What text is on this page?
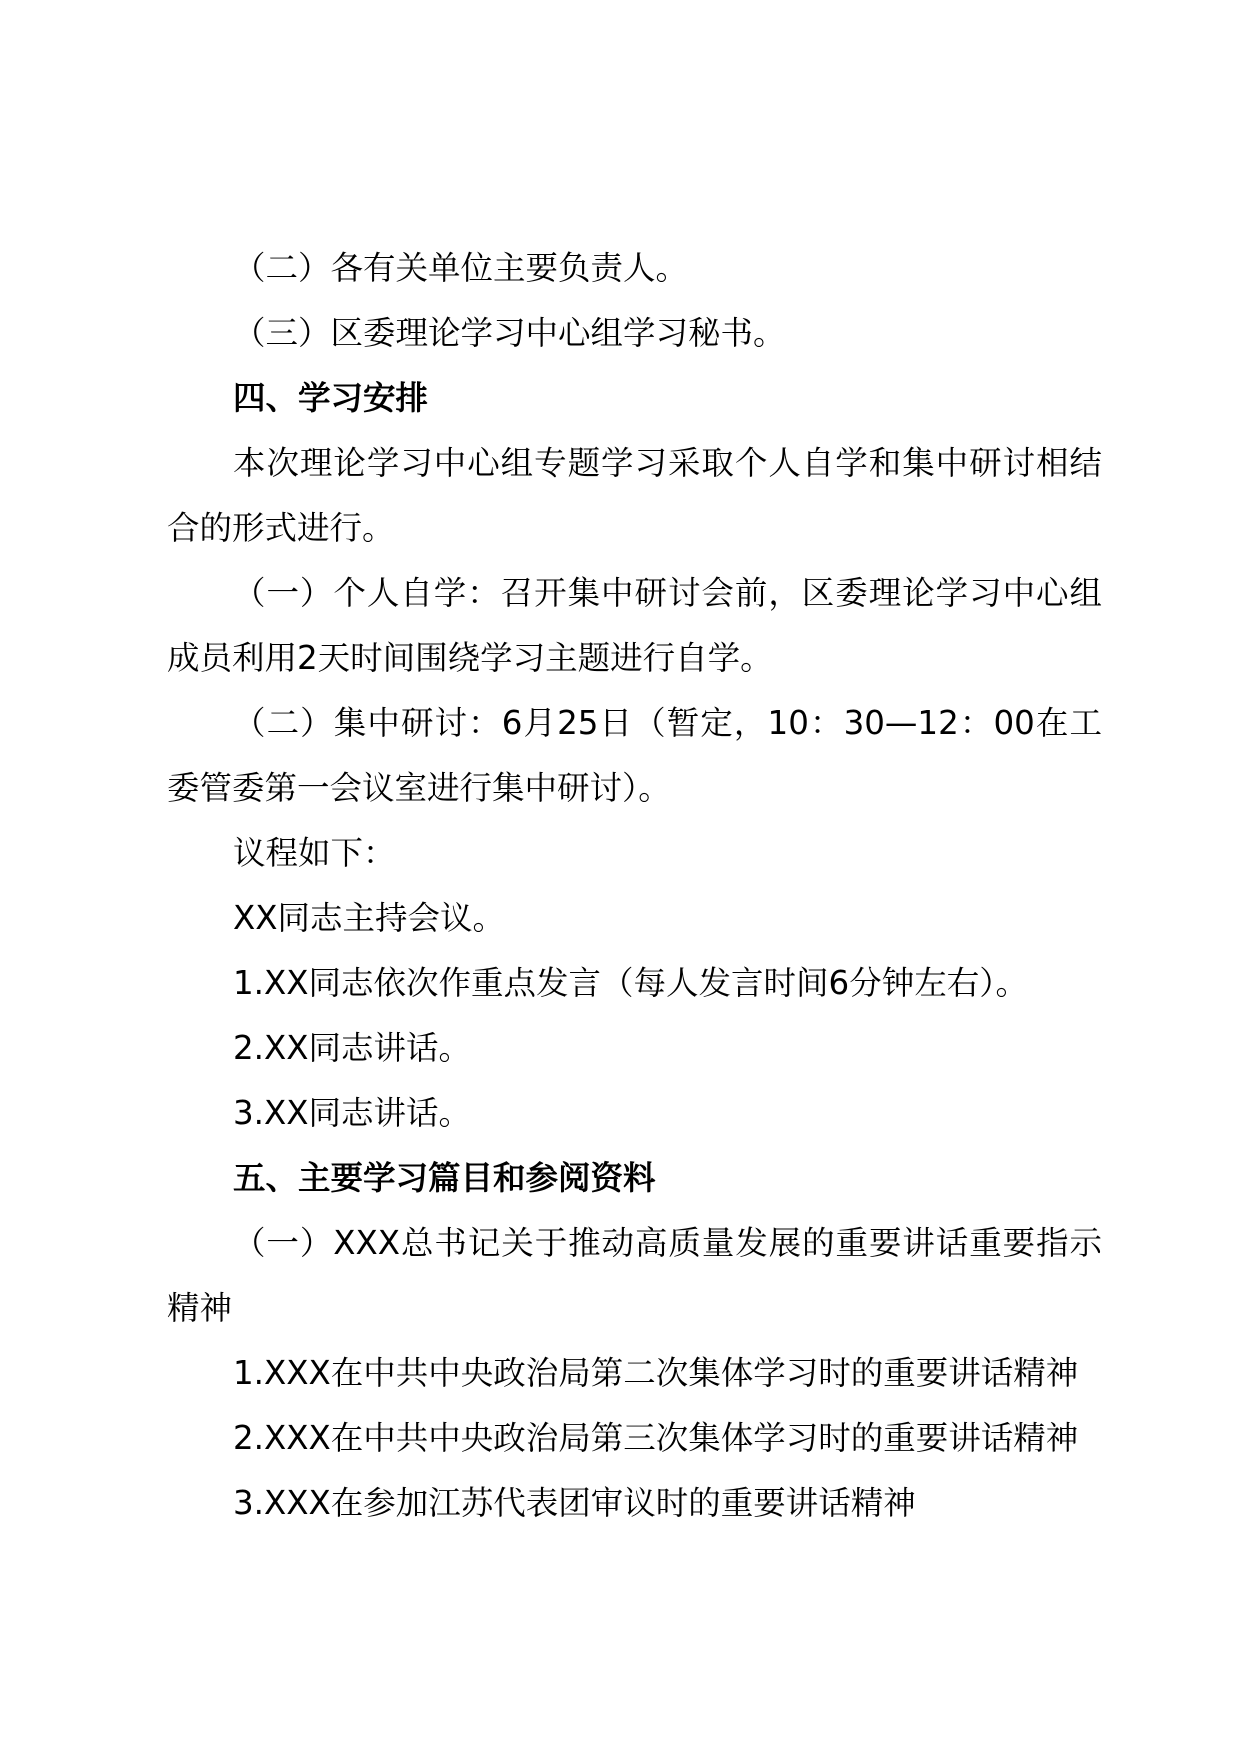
（二）各有关单位主要负责人。
（三）区委理论学习中心组学习秘书。
四、学习安排
本次理论学习中心组专题学习采取个人自学和集中研讨相结
合的形式进行。
（一）个人自学：召开集中研讨会前，区委理论学习中心组
成员利用2天时间围绕学习主题进行自学。
（二）集中研讨：6月25日（暂定，10：30—12：00在工
委管委第一会议室进行集中研讨）。
议程如下：
XX同志主持会议。
1.XX同志依次作重点发言（每人发言时间6分钟左右）。
2.XX同志讲话。
3.XX同志讲话。
五、主要学习篇目和参阅资料
（一）XXX总书记关于推动高质量发展的重要讲话重要指示
精神
1.XXX在中共中央政治局第二次集体学习时的重要讲话精神
2.XXX在中共中央政治局第三次集体学习时的重要讲话精神
3.XXX在参加江苏代表团审议时的重要讲话精神
